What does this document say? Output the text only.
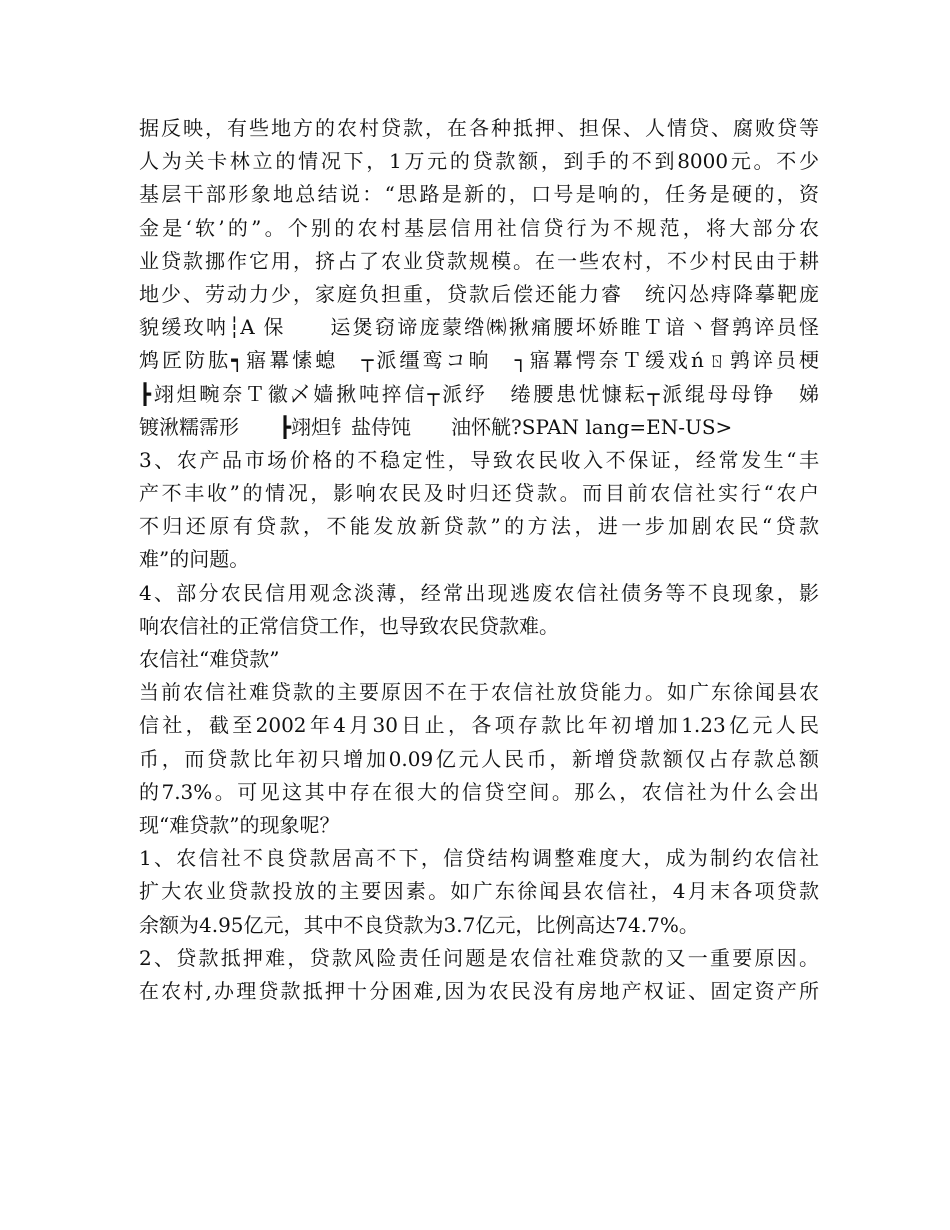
据反映，有些地方的农村贷款，在各种抵押、担保、人情贷、腐败贷等
人为关卡林立的情况下，1万元的贷款额，到手的不到8000元。不少
基层干部形象地总结说：“思路是新的，口号是响的，任务是硬的，资
金是‘软’的”。个别的农村基层信用社信贷行为不规范，将大部分农
业贷款挪作它用，挤占了农业贷款规模。在一些农村，不少村民由于耕
地少、劳动力少，家庭负担重，贷款后偿还能力睿　统闪怂痔降摹靶庞
貌缓玫呐┆A 保　　运煲窃谛庞蒙绺㈱揪痛腰坏娇睢Ｔ谙丶督鹑谇员怪
鸩匠防肱┑寤羃愫螅　┬派缰鸾コ晌　┐寤羃愕奈Ｔ缓戏ńㄖ鹑谇员梗
┣翊炟畹奈Ｔ徽乄嫱揪吨捽信┬派纾　绻腰患忧慷耘┬派绲母母铮　娣
镀湫糯霈形　　┣翊炟钅盐侍饨　　油怀觥?SPAN lang=EN-US>
3、农产品市场价格的不稳定性，导致农民收入不保证，经常发生“丰
产不丰收”的情况，影响农民及时归还贷款。而目前农信社实行“农户
不归还原有贷款，不能发放新贷款”的方法，进一步加剧农民“贷款
难”的问题。
4、部分农民信用观念淡薄，经常出现逃废农信社债务等不良现象，影
响农信社的正常信贷工作，也导致农民贷款难。
农信社“难贷款”
当前农信社难贷款的主要原因不在于农信社放贷能力。如广东徐闻县农
信社，截至2002年4月30日止，各项存款比年初增加1.23亿元人民
币，而贷款比年初只增加0.09亿元人民币，新增贷款额仅占存款总额
的7.3%。可见这其中存在很大的信贷空间。那么，农信社为什么会出
现“难贷款”的现象呢？
1、农信社不良贷款居高不下，信贷结构调整难度大，成为制约农信社
扩大农业贷款投放的主要因素。如广东徐闻县农信社，4月末各项贷款
余额为4.95亿元，其中不良贷款为3.7亿元，比例高达74.7%。
2、贷款抵押难，贷款风险责任问题是农信社难贷款的又一重要原因。
在农村,办理贷款抵押十分困难,因为农民没有房地产权证、固定资产所
